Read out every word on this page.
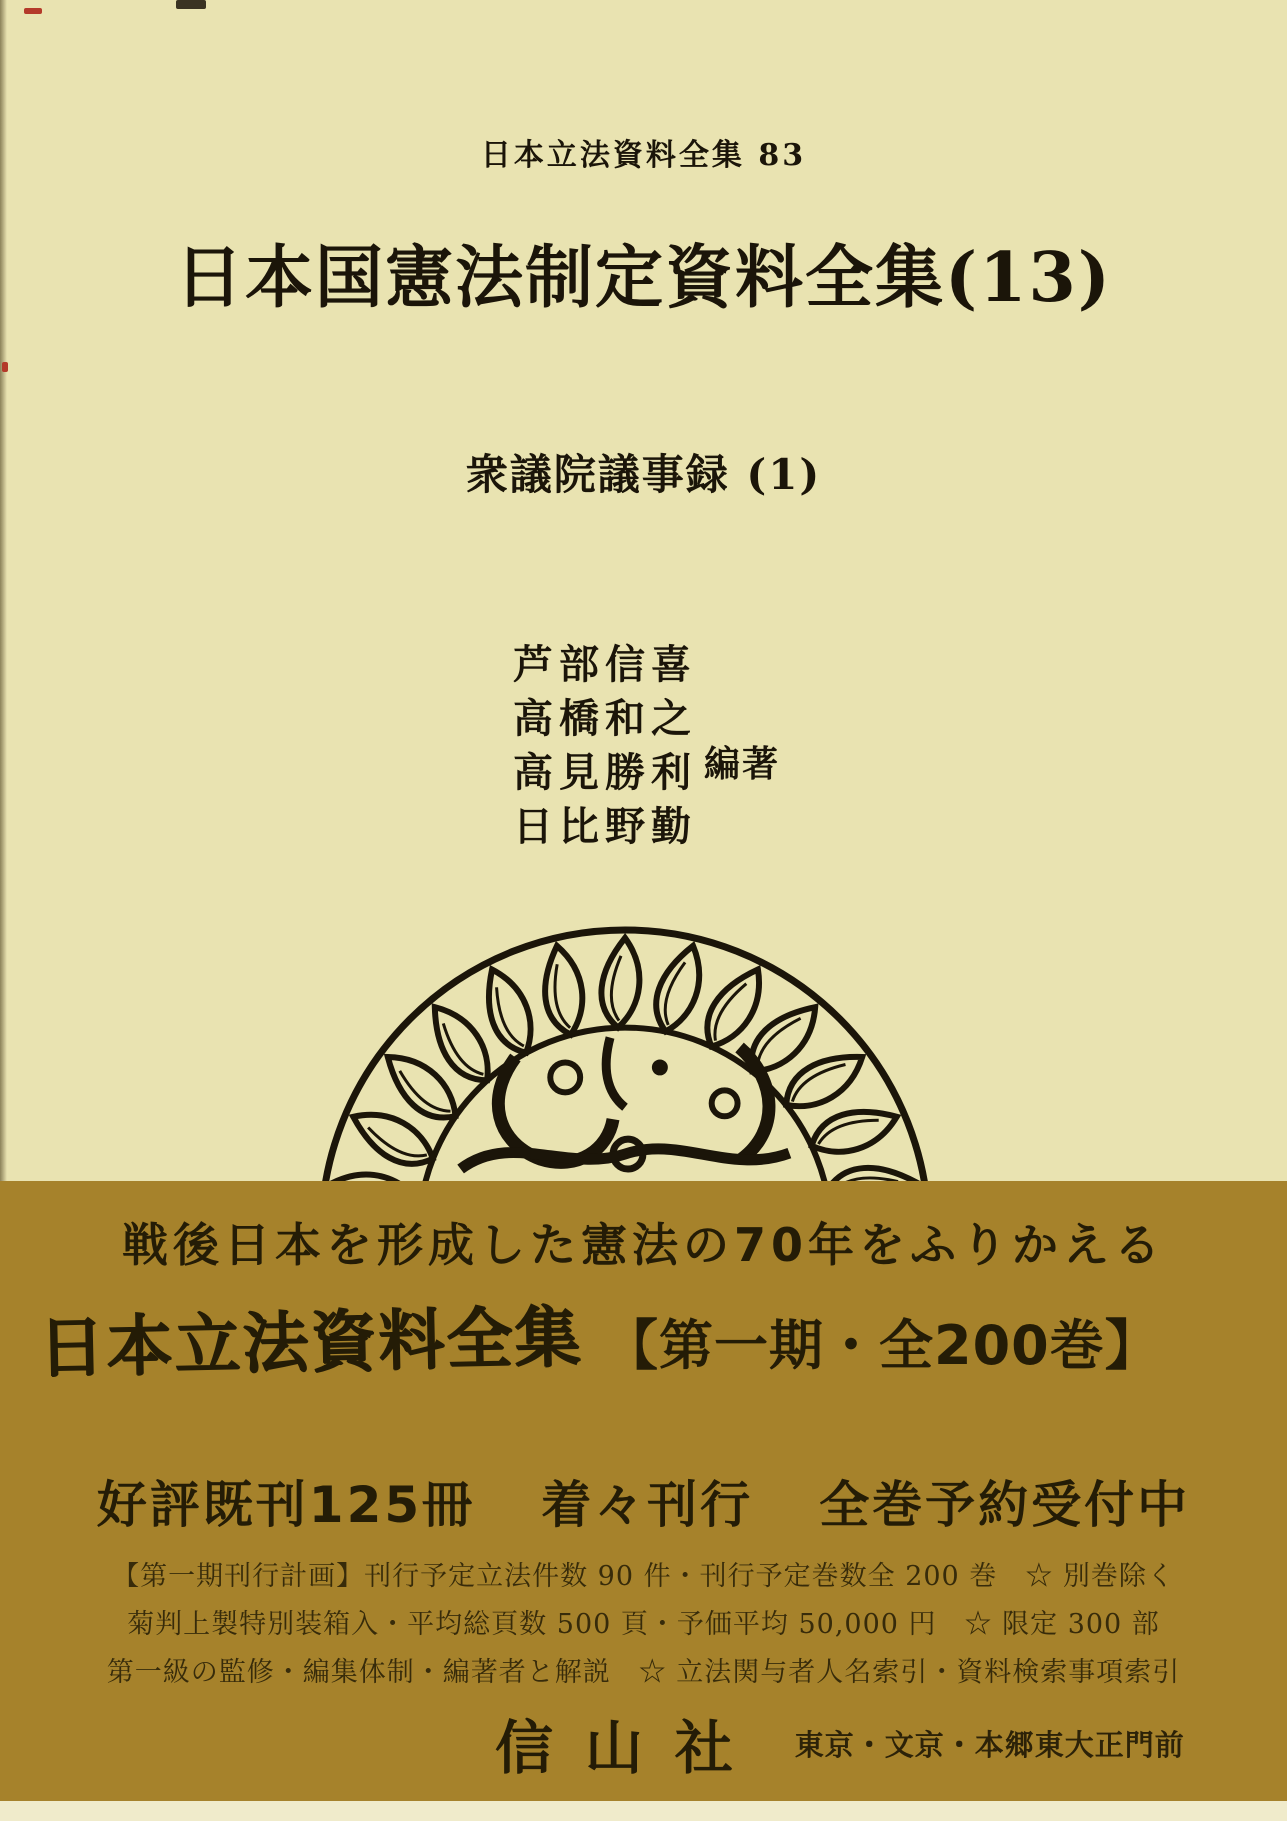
日本立法資料全集 83
日本国憲法制定資料全集(13)
衆議院議事録 (1)
芦部信喜
高橋和之
高見勝利
日比野勤
編著
戦後日本を形成した憲法の70年をふりかえる
日本立法資料全集 【第一期・全200巻】
好評既刊125冊 着々刊行 全巻予約受付中
【第一期刊行計画】刊行予定立法件数 90 件・刊行予定巻数全 200 巻　☆ 別巻除く
菊判上製特別装箱入・平均総頁数 500 頁・予価平均 50,000 円　☆ 限定 300 部
第一級の監修・編集体制・編著者と解説　☆ 立法関与者人名索引・資料検索事項索引
信山社 東京・文京・本郷東大正門前
